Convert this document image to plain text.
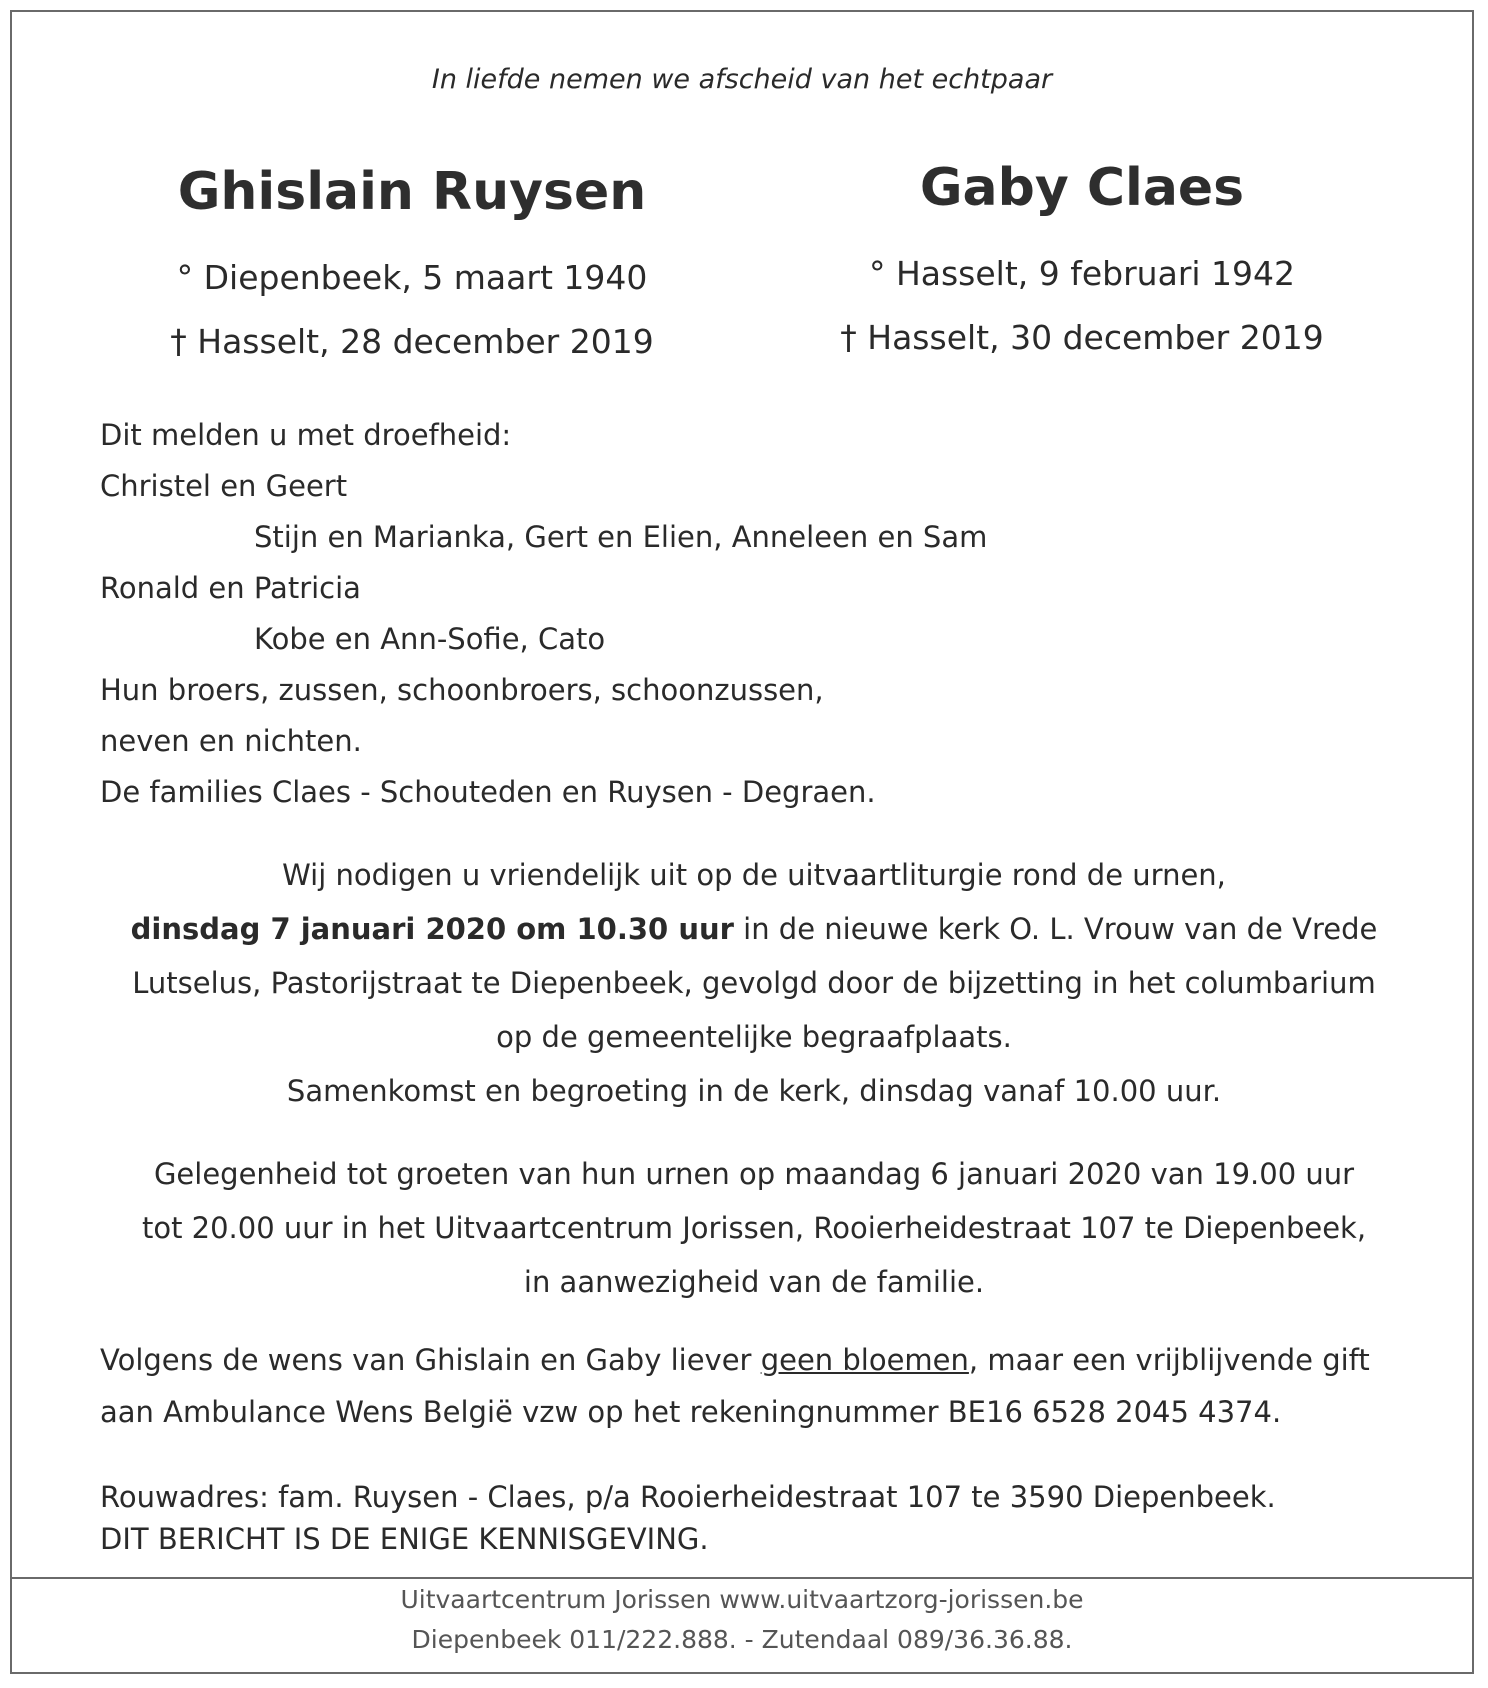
In liefde nemen we afscheid van het echtpaar
Ghislain Ruysen
° Diepenbeek, 5 maart 1940
† Hasselt, 28 december 2019
Gaby Claes
° Hasselt, 9 februari 1942
† Hasselt, 30 december 2019
Dit melden u met droefheid:
Christel en Geert
Stijn en Marianka, Gert en Elien, Anneleen en Sam
Ronald en Patricia
Kobe en Ann-Sofie, Cato
Hun broers, zussen, schoonbroers, schoonzussen,
neven en nichten.
De families Claes - Schouteden en Ruysen - Degraen.
Wij nodigen u vriendelijk uit op de uitvaartliturgie rond de urnen,
dinsdag 7 januari 2020 om 10.30 uur in de nieuwe kerk O. L. Vrouw van de Vrede
Lutselus, Pastorijstraat te Diepenbeek, gevolgd door de bijzetting in het columbarium
op de gemeentelijke begraafplaats.
Samenkomst en begroeting in de kerk, dinsdag vanaf 10.00 uur.
Gelegenheid tot groeten van hun urnen op maandag 6 januari 2020 van 19.00 uur
tot 20.00 uur in het Uitvaartcentrum Jorissen, Rooierheidestraat 107 te Diepenbeek,
in aanwezigheid van de familie.
Volgens de wens van Ghislain en Gaby liever geen bloemen, maar een vrijblijvende gift
aan Ambulance Wens België vzw op het rekeningnummer BE16 6528 2045 4374.
Rouwadres: fam. Ruysen - Claes, p/a Rooierheidestraat 107 te 3590 Diepenbeek.
DIT BERICHT IS DE ENIGE KENNISGEVING.
Uitvaartcentrum Jorissen www.uitvaartzorg-jorissen.be
Diepenbeek 011/222.888. - Zutendaal 089/36.36.88.
